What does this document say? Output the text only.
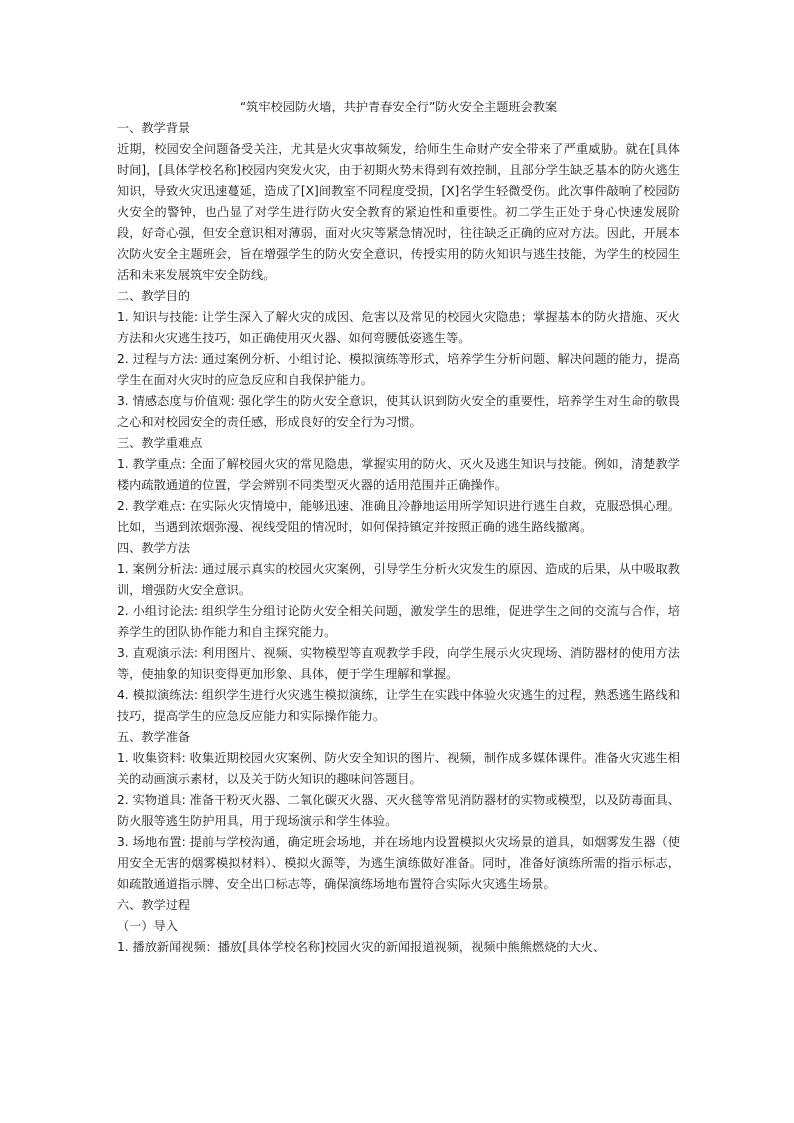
“筑牢校园防火墙，共护青春安全行”防火安全主题班会教案
一、教学背景

近期，校园安全问题备受关注，尤其是火灾事故频发，给师生生命财产安全带来了严重威胁。就在[具体时间]，[具体学校名称]校园内突发火灾，由于初期火势未得到有效控制，且部分学生缺乏基本的防火逃生知识，导致火灾迅速蔓延，造成了[X]间教室不同程度受损，[X]名学生轻微受伤。此次事件敲响了校园防火安全的警钟，也凸显了对学生进行防火安全教育的紧迫性和重要性。初二学生正处于身心快速发展阶段，好奇心强，但安全意识相对薄弱，面对火灾等紧急情况时，往往缺乏正确的应对方法。因此，开展本次防火安全主题班会，旨在增强学生的防火安全意识，传授实用的防火知识与逃生技能，为学生的校园生活和未来发展筑牢安全防线。

二、教学目的

1. 知识与技能: 让学生深入了解火灾的成因、危害以及常见的校园火灾隐患；掌握基本的防火措施、灭火方法和火灾逃生技巧，如正确使用灭火器、如何弯腰低姿逃生等。

2. 过程与方法: 通过案例分析、小组讨论、模拟演练等形式，培养学生分析问题、解决问题的能力，提高学生在面对火灾时的应急反应和自我保护能力。

3. 情感态度与价值观: 强化学生的防火安全意识，使其认识到防火安全的重要性，培养学生对生命的敬畏之心和对校园安全的责任感，形成良好的安全行为习惯。

三、教学重难点

1. 教学重点: 全面了解校园火灾的常见隐患，掌握实用的防火、灭火及逃生知识与技能。例如，清楚教学楼内疏散通道的位置，学会辨别不同类型灭火器的适用范围并正确操作。

2. 教学难点: 在实际火灾情境中，能够迅速、准确且冷静地运用所学知识进行逃生自救，克服恐惧心理。比如，当遇到浓烟弥漫、视线受阻的情况时，如何保持镇定并按照正确的逃生路线撤离。

四、教学方法

1. 案例分析法: 通过展示真实的校园火灾案例，引导学生分析火灾发生的原因、造成的后果，从中吸取教训，增强防火安全意识。

2. 小组讨论法: 组织学生分组讨论防火安全相关问题，激发学生的思维，促进学生之间的交流与合作，培养学生的团队协作能力和自主探究能力。

3. 直观演示法: 利用图片、视频、实物模型等直观教学手段，向学生展示火灾现场、消防器材的使用方法等，使抽象的知识变得更加形象、具体，便于学生理解和掌握。

4. 模拟演练法: 组织学生进行火灾逃生模拟演练，让学生在实践中体验火灾逃生的过程，熟悉逃生路线和技巧，提高学生的应急反应能力和实际操作能力。

五、教学准备

1. 收集资料: 收集近期校园火灾案例、防火安全知识的图片、视频，制作成多媒体课件。准备火灾逃生相关的动画演示素材，以及关于防火知识的趣味问答题目。

2. 实物道具: 准备干粉灭火器、二氧化碳灭火器、灭火毯等常见消防器材的实物或模型，以及防毒面具、防火服等逃生防护用具，用于现场演示和学生体验。

3. 场地布置: 提前与学校沟通，确定班会场地，并在场地内设置模拟火灾场景的道具，如烟雾发生器（使用安全无害的烟雾模拟材料）、模拟火源等，为逃生演练做好准备。同时，准备好演练所需的指示标志，如疏散通道指示牌、安全出口标志等，确保演练场地布置符合实际火灾逃生场景。

六、教学过程

（一）导入

1. 播放新闻视频：播放[具体学校名称]校园火灾的新闻报道视频，视频中熊熊燃烧的大火、
